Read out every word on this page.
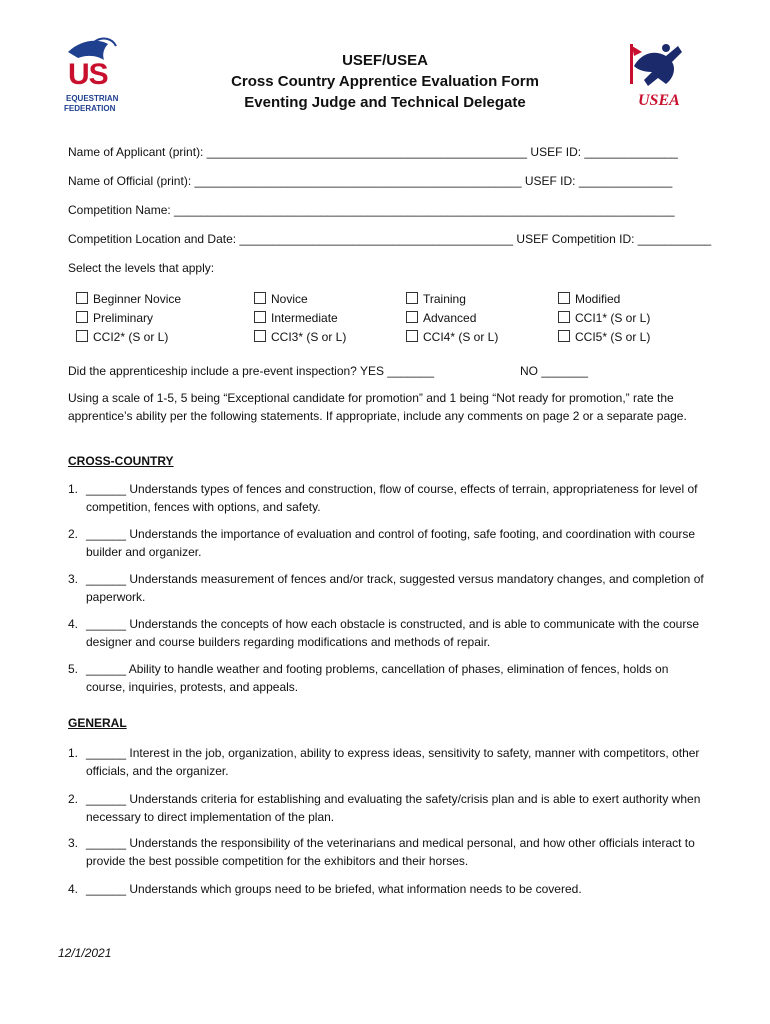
US
EQUESTRIAN
FEDERATION	USEA
USEF/USEA
Cross Country Apprentice Evaluation Form
Eventing Judge and Technical Delegate
Name of Applicant (print): ________________________________________________ USEF ID: ______________
Name of Official (print): _________________________________________________ USEF ID: ______________
Competition Name: ___________________________________________________________________________
Competition Location and Date: _________________________________________ USEF Competition ID: ___________
Select the levels that apply:
Beginner Novice
Preliminary
CCI2* (S or L)
Novice
Intermediate
CCI3* (S or L)
Training
Advanced
CCI4* (S or L)
Modified
CCI1* (S or L)
CCI5* (S or L)
Did the apprenticeship include a pre-event inspection? YES _______	NO _______
Using a scale of 1-5, 5 being “Exceptional candidate for promotion” and 1 being “Not ready for promotion,” rate the apprentice’s ability per the following statements. If appropriate, include any comments on page 2 or a separate page.
CROSS-COUNTRY
1. ______ Understands types of fences and construction, flow of course, effects of terrain, appropriateness for level of competition, fences with options, and safety.
2. ______ Understands the importance of evaluation and control of footing, safe footing, and coordination with course builder and organizer.
3. ______ Understands measurement of fences and/or track, suggested versus mandatory changes, and completion of paperwork.
4. ______ Understands the concepts of how each obstacle is constructed, and is able to communicate with the course designer and course builders regarding modifications and methods of repair.
5. ______ Ability to handle weather and footing problems, cancellation of phases, elimination of fences, holds on course, inquiries, protests, and appeals.
GENERAL
1. ______ Interest in the job, organization, ability to express ideas, sensitivity to safety, manner with competitors, other officials, and the organizer.
2. ______ Understands criteria for establishing and evaluating the safety/crisis plan and is able to exert authority when necessary to direct implementation of the plan.
3. ______ Understands the responsibility of the veterinarians and medical personal, and how other officials interact to provide the best possible competition for the exhibitors and their horses.
4. ______ Understands which groups need to be briefed, what information needs to be covered.
12/1/2021
